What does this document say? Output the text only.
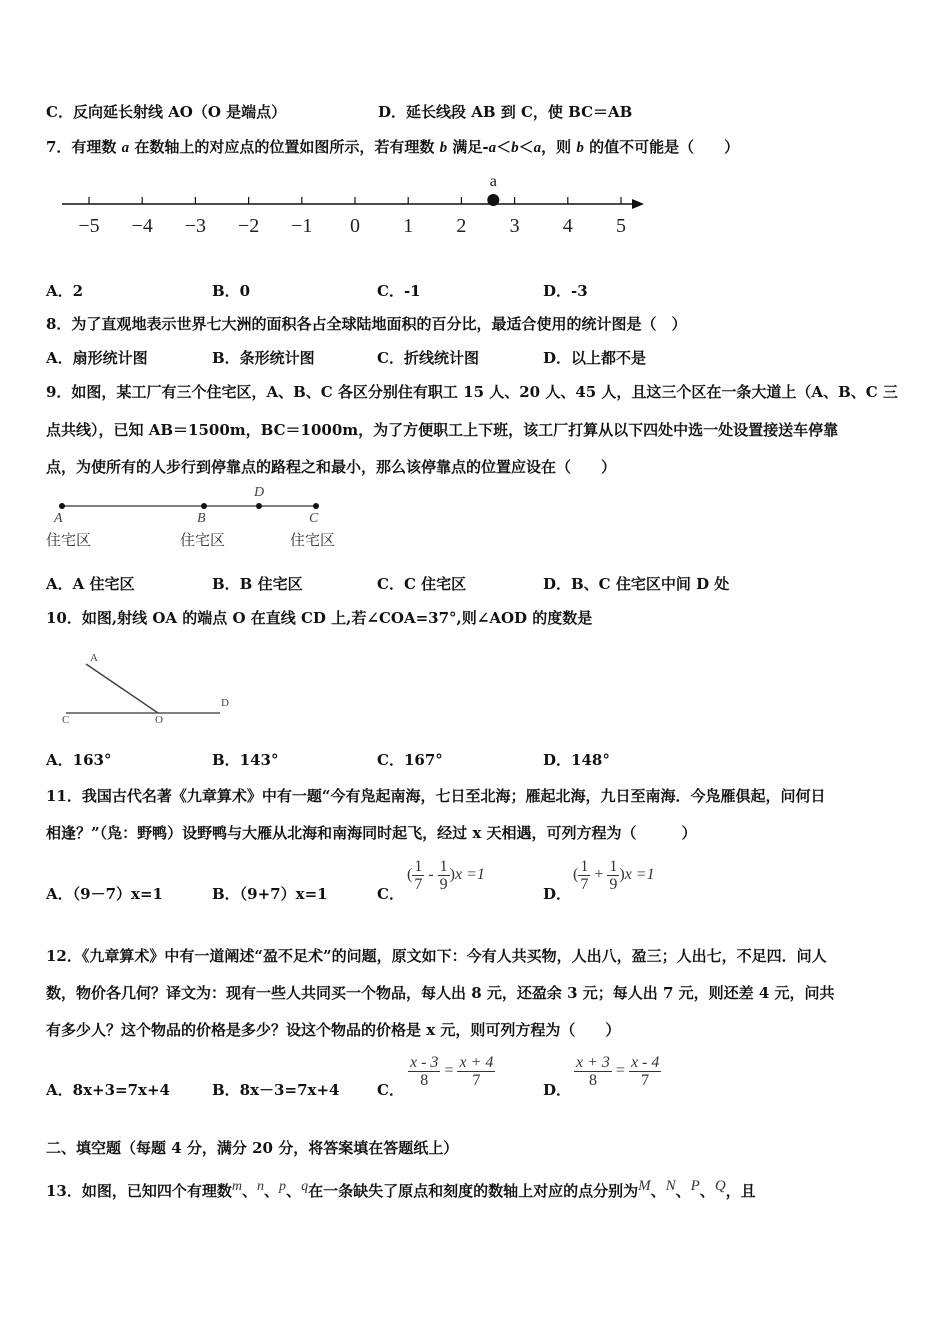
C．反向延长射线 AO（O 是端点）	D．延长线段 AB 到 C，使 BC＝AB
7．有理数 a 在数轴上的对应点的位置如图所示，若有理数 b 满足-a＜b＜a，则 b 的值不可能是（　　）
−5 −4 −3 −2 −1 0 1 2 3 4 5
a
A．2	B．0	C．-1	D．-3
8．为了直观地表示世界七大洲的面积各占全球陆地面积的百分比，最适合使用的统计图是（　）
A．扇形统计图	B．条形统计图	C．折线统计图	D．以上都不是
9．如图，某工厂有三个住宅区，A、B、C 各区分别住有职工 15 人、20 人、45 人，且这三个区在一条大道上（A、B、C 三
点共线），已知 AB＝1500m，BC＝1000m，为了方便职工上下班，该工厂打算从以下四处中选一处设置接送车停靠
点，为使所有的人步行到停靠点的路程之和最小，那么该停靠点的位置应设在（　　）
A	B
D
C
住宅区	住宅区	住宅区
A．A 住宅区	B．B 住宅区	C．C 住宅区	D．B、C 住宅区中间 D 处
10．如图,射线 OA 的端点 O 在直线 CD 上,若∠COA=37°,则∠AOD 的度数是
A
C	O
D
A．163°	B．143°	C．167°	D．148°
11．我国古代名著《九章算术》中有一题“今有凫起南海，七日至北海；雁起北海，九日至南海．今凫雁俱起，问何日
相逢？”（凫：野鸭）设野鸭与大雁从北海和南海同时起飞，经过 x 天相遇，可列方程为（　　　）
A．（9－7）x=1	B．（9+7）x=1	C．
( $\frac{1}{7} - \frac{1}{9} )x =1$
D．
( $\frac{1}{7} + \frac{1}{9} )x =1$
12．《九章算术》中有一道阐述“盈不足术”的问题，原文如下：今有人共买物，人出八，盈三；人出七，不足四．问人
数，物价各几何？译文为：现有一些人共同买一个物品，每人出 8 元，还盈余 3 元；每人出 7 元，则还差 4 元，问共
有多少人？这个物品的价格是多少？设这个物品的价格是 x 元，则可列方程为（　　）
A．8x+3=7x+4	B．8x－3=7x+4	C．
$\frac{x - 3}{8} = \frac{x + 4}{7}$
D．
$\frac{x + 3}{8} = \frac{x - 4}{7}$
二、填空题（每题 4 分，满分 20 分，将答案填在答题纸上）
13．如图，已知四个有理数$^m$、$^n$、$^p$、$^q$在一条缺失了原点和刻度的数轴上对应的点分别为$^M$、$^N$、$^P$、$^Q$，且
